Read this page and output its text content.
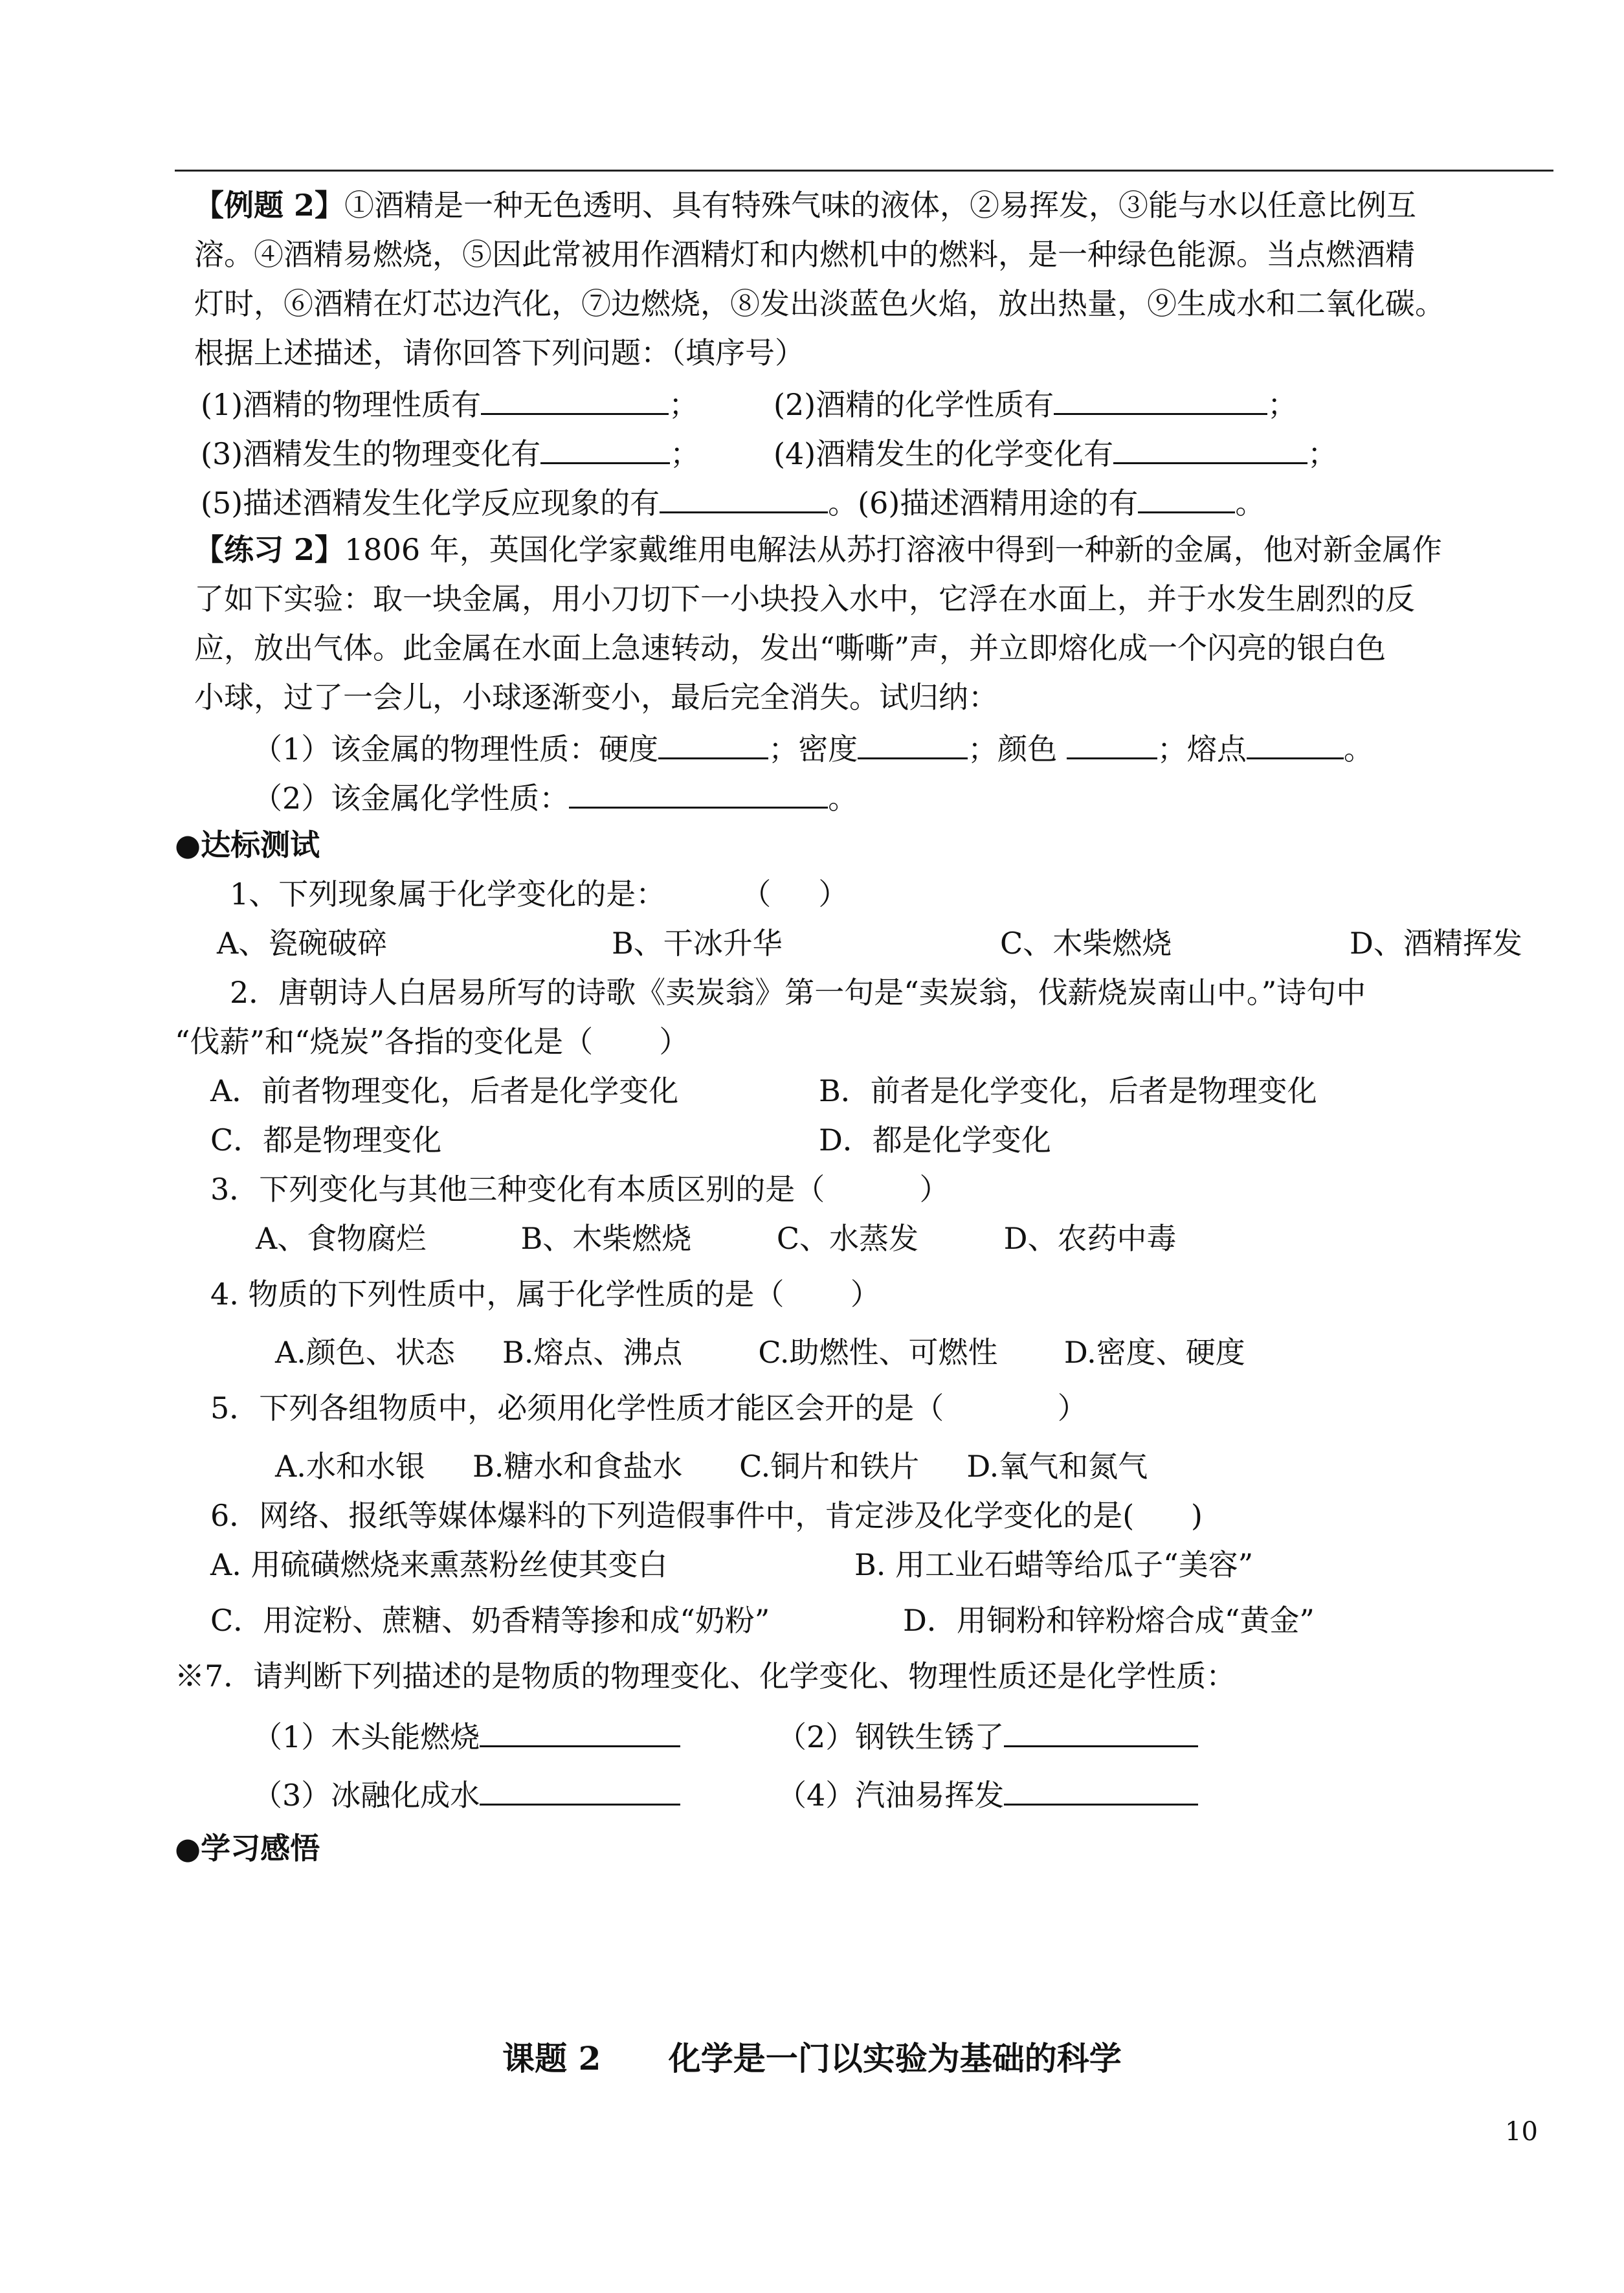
【例题 2】①酒精是一种无色透明、具有特殊气味的液体，②易挥发，③能与水以任意比例互
溶。④酒精易燃烧，⑤因此常被用作酒精灯和内燃机中的燃料，是一种绿色能源。当点燃酒精
灯时，⑥酒精在灯芯边汽化，⑦边燃烧，⑧发出淡蓝色火焰，放出热量，⑨生成水和二氧化碳。
根据上述描述，请你回答下列问题：（填序号）
(1)酒精的物理性质有	；	(2)酒精的化学性质有	；
(3)酒精发生的物理变化有	； (4)酒精发生的化学变化有	；
(5)描述酒精发生化学反应现象的有	。(6)描述酒精用途的有	。
【练习 2】1806 年，英国化学家戴维用电解法从苏打溶液中得到一种新的金属，他对新金属作
了如下实验：取一块金属，用小刀切下一小块投入水中，它浮在水面上，并于水发生剧烈的反
应，放出气体。此金属在水面上急速转动，发出“嘶嘶”声，并立即熔化成一个闪亮的银白色
小球，过了一会儿，小球逐渐变小，最后完全消失。试归纳：
（1）该金属的物理性质：硬度	；密度	；颜色	；熔点	。
（2）该金属化学性质：	。
●达标测试
1、下列现象属于化学变化的是：        （     ）
A、瓷碗破碎	B、干冰升华	C、木柴燃烧	D、酒精挥发
2．唐朝诗人白居易所写的诗歌《卖炭翁》第一句是“卖炭翁，伐薪烧炭南山中。”诗句中
“伐薪”和“烧炭”各指的变化是（       ）
A．前者物理变化，后者是化学变化	B．前者是化学变化，后者是物理变化
C．都是物理变化	D．都是化学变化
3．下列变化与其他三种变化有本质区别的是（          ）
A、食物腐烂          B、木柴燃烧         C、水蒸发         D、农药中毒
4. 物质的下列性质中，属于化学性质的是（       ）
A.颜色、状态     B.熔点、沸点        C.助燃性、可燃性       D.密度、硬度
5．下列各组物质中，必须用化学性质才能区会开的是（            ）
A.水和水银     B.糖水和食盐水      C.铜片和铁片     D.氧气和氮气
6．网络、报纸等媒体爆料的下列造假事件中，肯定涉及化学变化的是(      )
A. 用硫磺燃烧来熏蒸粉丝使其变白	B. 用工业石蜡等给瓜子“美容”
C．用淀粉、蔗糖、奶香精等掺和成“奶粉”	D．用铜粉和锌粉熔合成“黄金”
※7．请判断下列描述的是物质的物理变化、化学变化、物理性质还是化学性质：
（1）木头能燃烧	（2）钢铁生锈了
（3）冰融化成水	（4）汽油易挥发
●学习感悟
课题 2      化学是一门以实验为基础的科学
10
